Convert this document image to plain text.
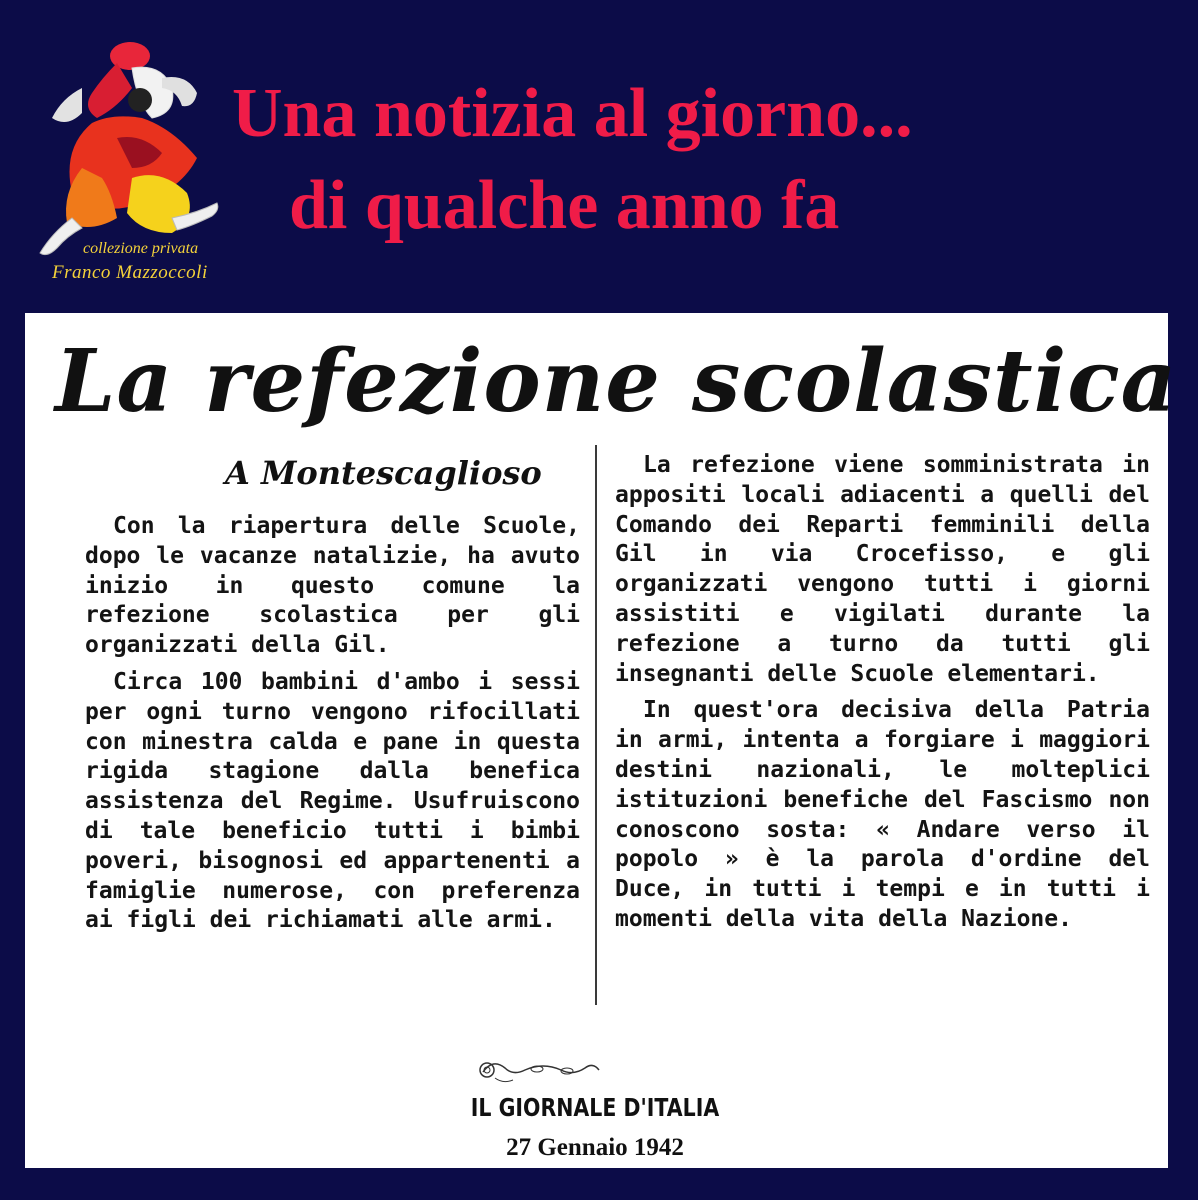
collezione privata
Franco Mazzoccoli
Una notizia al giorno...
di qualche anno fa
La refezione scolastica
A Montescaglioso

Con la riapertura delle Scuole, dopo le vacanze natalizie, ha avuto inizio in questo comune la refezione scolastica per gli organizzati della Gil.

Circa 100 bambini d'ambo i sessi per ogni turno vengono rifocillati con minestra calda e pane in questa rigida stagione dalla benefica assistenza del Regime. Usufruiscono di tale beneficio tutti i bimbi poveri, bisognosi ed appartenenti a famiglie numerose, con preferenza ai figli dei richiamati alle armi.

La refezione viene somministrata in appositi locali adiacenti a quelli del Comando dei Reparti femminili della Gil in via Crocefisso, e gli organizzati vengono tutti i giorni assistiti e vigilati durante la refezione a turno da tutti gli insegnanti delle Scuole elementari.

In quest'ora decisiva della Patria in armi, intenta a forgiare i maggiori destini nazionali, le molteplici istituzioni benefiche del Fascismo non conoscono sosta: « Andare verso il popolo » è la parola d'ordine del Duce, in tutti i tempi e in tutti i momenti della vita della Nazione.

IL GIORNALE D'ITALIA
27 Gennaio 1942
